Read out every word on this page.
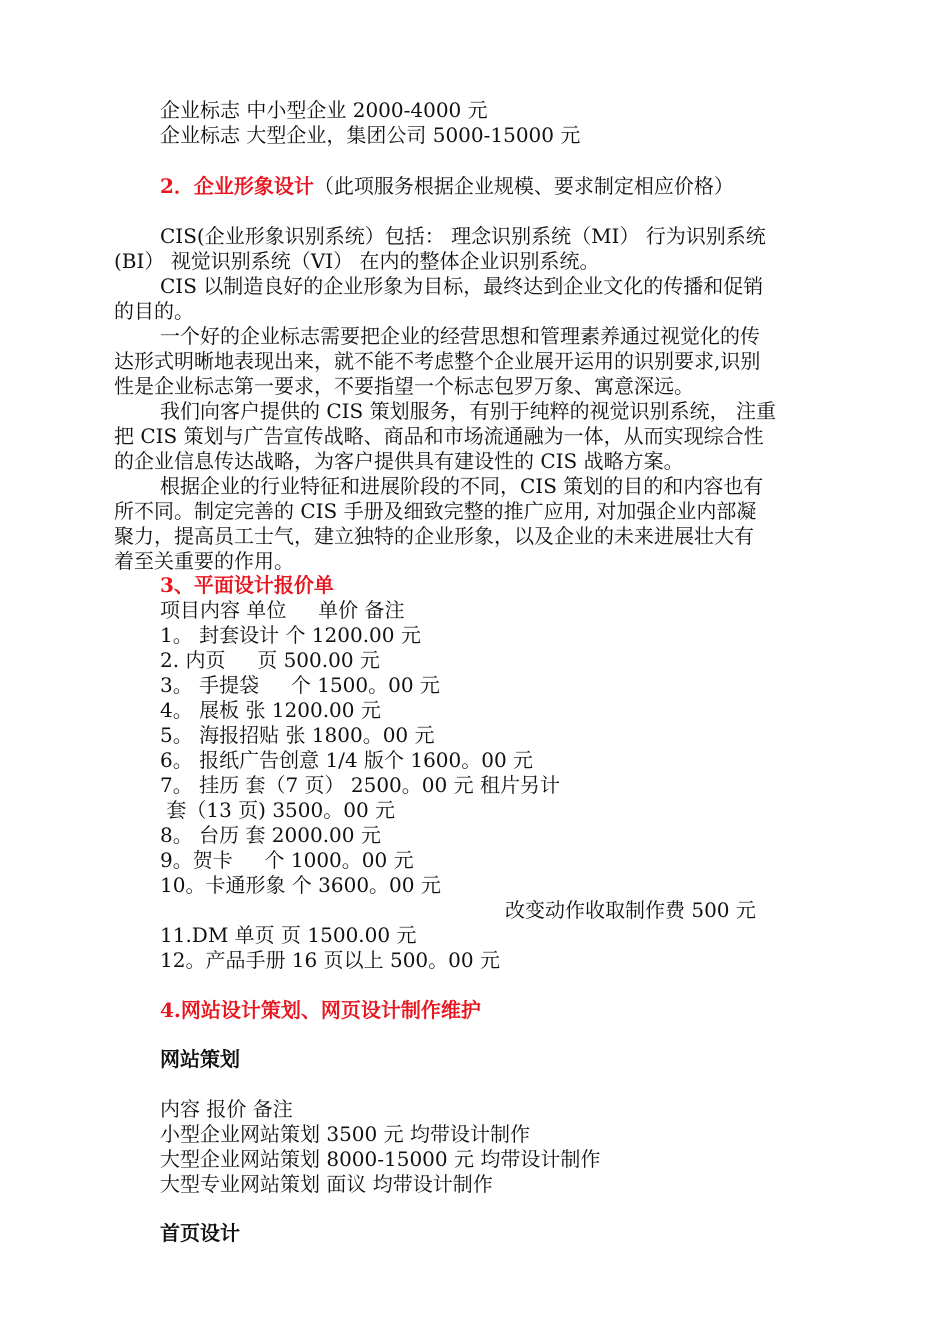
企业标志 中小型企业 2000-4000 元
企业标志 大型企业，集团公司 5000-15000 元
2．企业形象设计（此项服务根据企业规模、要求制定相应价格）
CIS(企业形象识别系统）包括： 理念识别系统（MI） 行为识别系统
(BI） 视觉识别系统（VI） 在内的整体企业识别系统。
CIS 以制造良好的企业形象为目标，最终达到企业文化的传播和促销
的目的。
一个好的企业标志需要把企业的经营思想和管理素养通过视觉化的传
达形式明晰地表现出来，就不能不考虑整个企业展开运用的识别要求,识别
性是企业标志第一要求，不要指望一个标志包罗万象、寓意深远。
我们向客户提供的 CIS 策划服务，有别于纯粹的视觉识别系统， 注重
把 CIS 策划与广告宣传战略、商品和市场流通融为一体，从而实现综合性
的企业信息传达战略，为客户提供具有建设性的 CIS 战略方案。
根据企业的行业特征和进展阶段的不同，CIS 策划的目的和内容也有
所不同。制定完善的 CIS 手册及细致完整的推广应用, 对加强企业内部凝
聚力，提高员工士气，建立独特的企业形象，以及企业的未来进展壮大有
着至关重要的作用。
3、平面设计报价单
项目内容 单位     单价 备注
1。 封套设计 个 1200.00 元
2. 内页     页 500.00 元
3。 手提袋     个 1500。00 元
4。 展板 张 1200.00 元
5。 海报招贴 张 1800。00 元
6。 报纸广告创意 1/4 版个 1600。00 元
7。 挂历 套（7 页） 2500。00 元 租片另计
套（13 页) 3500。00 元
8。 台历 套 2000.00 元
9。贺卡     个 1000。00 元
10。卡通形象 个 3600。00 元
改变动作收取制作费 500 元
11.DM 单页 页 1500.00 元
12。产品手册 16 页以上 500。00 元
4.网站设计策划、网页设计制作维护
网站策划
内容 报价 备注
小型企业网站策划 3500 元 均带设计制作
大型企业网站策划 8000-15000 元 均带设计制作
大型专业网站策划 面议 均带设计制作
首页设计
